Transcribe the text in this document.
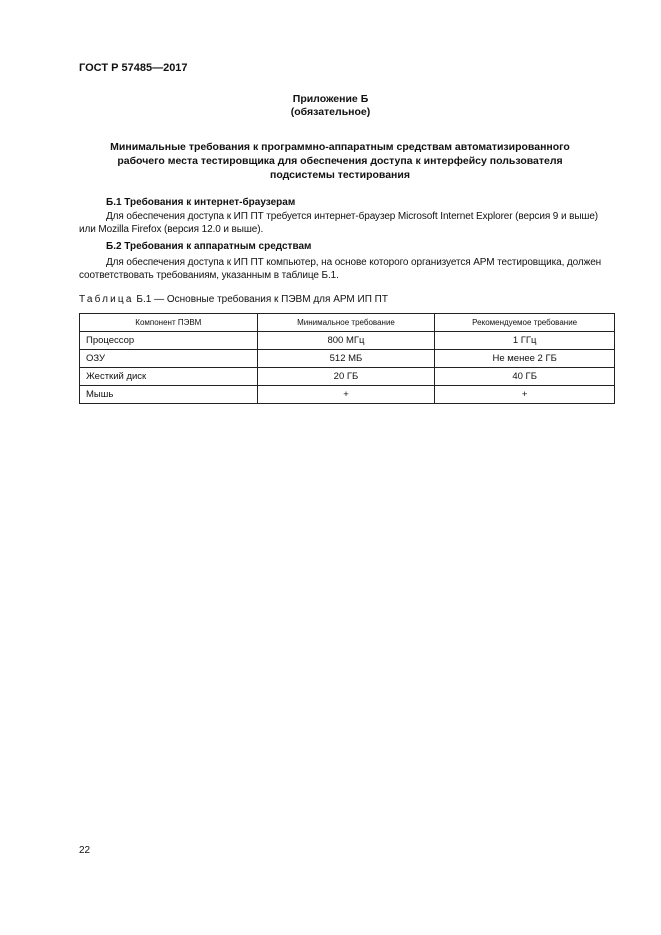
ГОСТ Р 57485—2017
Приложение Б
(обязательное)
Минимальные требования к программно-аппаратным средствам автоматизированного рабочего места тестировщика для обеспечения доступа к интерфейсу пользователя подсистемы тестирования
Б.1 Требования к интернет-браузерам
Для обеспечения доступа к ИП ПТ требуется интернет-браузер Microsoft Internet Explorer (версия 9 и выше) или Mozilla Firefox (версия 12.0 и выше).
Б.2 Требования к аппаратным средствам
Для обеспечения доступа к ИП ПТ компьютер, на основе которого организуется АРМ тестировщика, должен соответствовать требованиям, указанным в таблице Б.1.
Таблица Б.1 — Основные требования к ПЭВМ для АРМ ИП ПТ
Компонент ПЭВМ	Минимальное требование	Рекомендуемое требование
Процессор	800 МГц	1 ГГц
ОЗУ	512 МБ	Не менее 2 ГБ
Жесткий диск	20 ГБ	40 ГБ
Мышь	+	+
22
